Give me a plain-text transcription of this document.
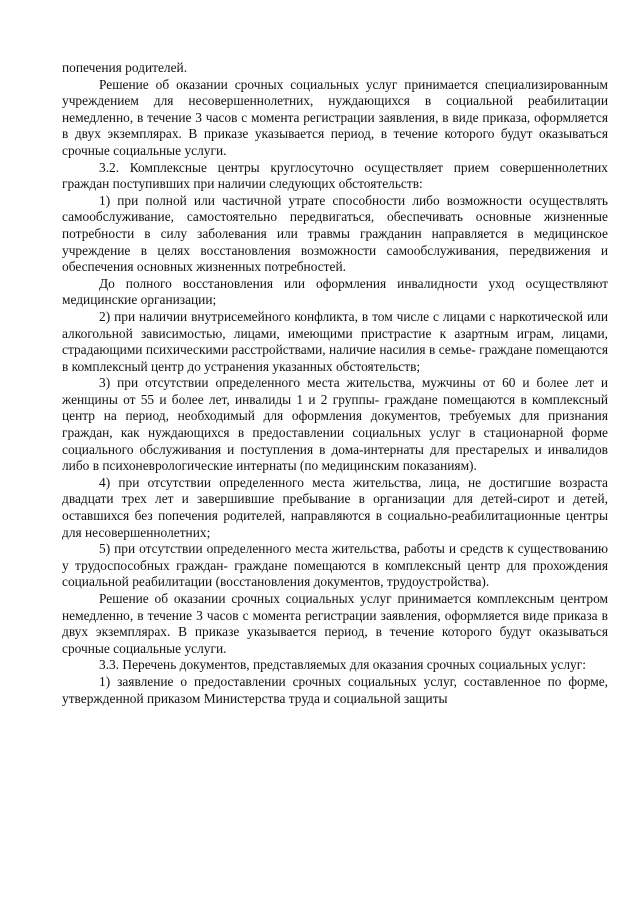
попечения родителей.

Решение об оказании срочных социальных услуг принимается специализированным учреждением для несовершеннолетних, нуждающихся в социальной реабилитации немедленно, в течение 3 часов с момента регистрации заявления, в виде приказа, оформляется в двух экземплярах. В приказе указывается период, в течение которого будут оказываться срочные социальные услуги.

3.2. Комплексные центры круглосуточно осуществляет прием совершеннолетних граждан поступивших при наличии следующих обстоятельств:

1) при полной или частичной утрате способности либо возможности осуществлять самообслуживание, самостоятельно передвигаться, обеспечивать основные жизненные потребности в силу заболевания или травмы гражданин направляется в медицинское учреждение в целях восстановления возможности самообслуживания, передвижения и обеспечения основных жизненных потребностей.

До полного восстановления или оформления инвалидности уход осуществляют медицинские организации;

2) при наличии внутрисемейного конфликта, в том числе с лицами с наркотической или алкогольной зависимостью, лицами, имеющими пристрастие к азартным играм, лицами, страдающими психическими расстройствами, наличие насилия в семье- граждане помещаются в комплексный центр до устранения указанных обстоятельств;

3) при отсутствии определенного места жительства, мужчины от 60 и более лет и женщины от 55 и более лет, инвалиды 1 и 2 группы- граждане помещаются в комплексный центр на период, необходимый для оформления документов, требуемых для признания граждан, как нуждающихся в предоставлении социальных услуг в стационарной форме социального обслуживания и поступления в дома-интернаты для престарелых и инвалидов либо в психоневрологические интернаты (по медицинским показаниям).

4) при отсутствии определенного места жительства, лица, не достигшие возраста двадцати трех лет и завершившие пребывание в организации для детей-сирот и детей, оставшихся без попечения родителей, направляются в социально-реабилитационные центры для несовершеннолетних;

5) при отсутствии определенного места жительства, работы и средств к существованию у трудоспособных граждан- граждане помещаются в комплексный центр для прохождения социальной реабилитации (восстановления документов, трудоустройства).

Решение об оказании срочных социальных услуг принимается комплексным центром немедленно, в течение 3 часов с момента регистрации заявления, оформляется виде приказа в двух экземплярах. В приказе указывается период, в течение которого будут оказываться срочные социальные услуги.

3.3. Перечень документов, представляемых для оказания срочных социальных услуг:

1) заявление о предоставлении срочных социальных услуг, составленное по форме, утвержденной приказом Министерства труда и социальной защиты
